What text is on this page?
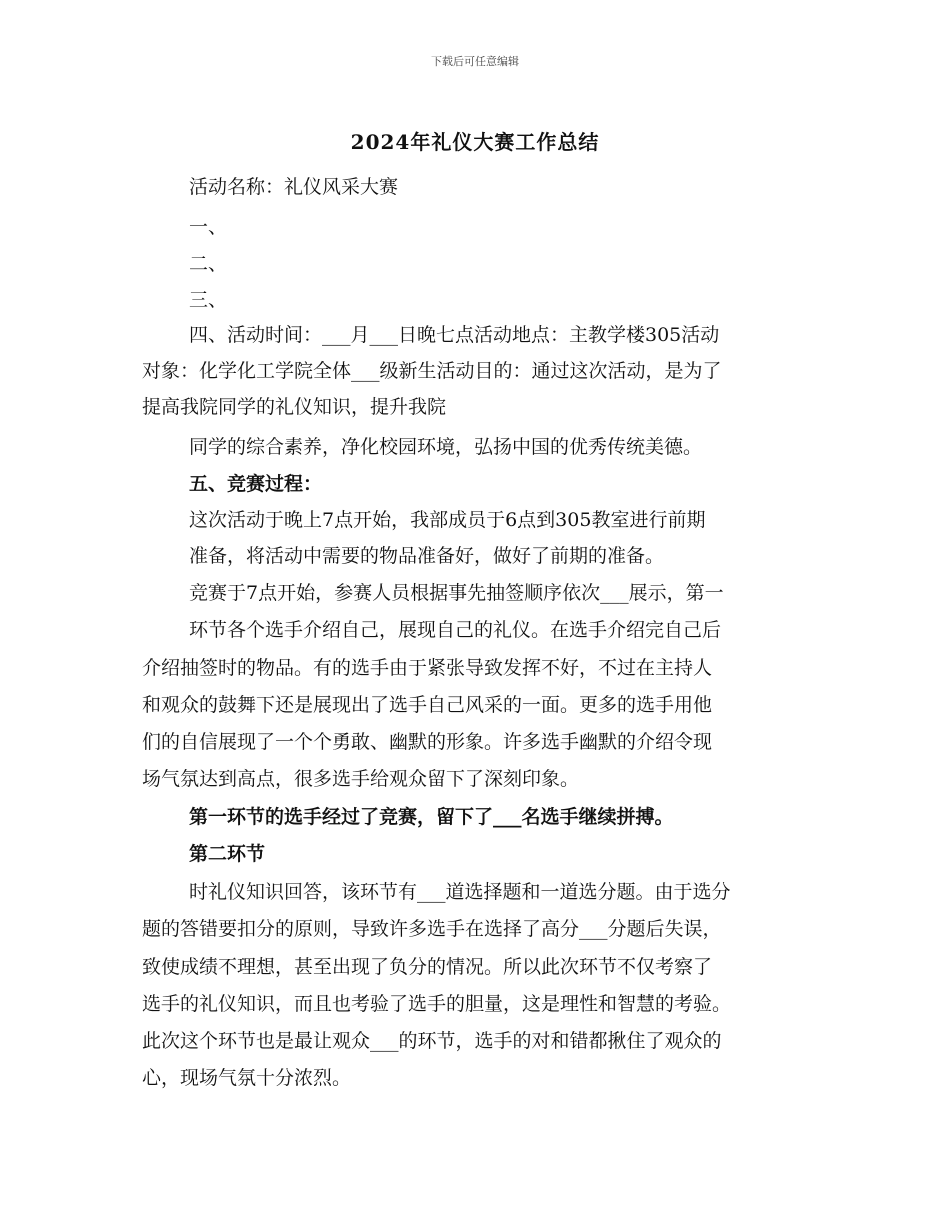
下载后可任意编辑
2024年礼仪大赛工作总结
活动名称：礼仪风采大赛
一、
二、
三、
四、活动时间：___月___日晚七点活动地点：主教学楼305活动
对象：化学化工学院全体___级新生活动目的：通过这次活动，是为了
提高我院同学的礼仪知识，提升我院
同学的综合素养，净化校园环境，弘扬中国的优秀传统美德。
五、竞赛过程：
这次活动于晚上7点开始，我部成员于6点到305教室进行前期
准备，将活动中需要的物品准备好，做好了前期的准备。
竞赛于7点开始，参赛人员根据事先抽签顺序依次___展示，第一
环节各个选手介绍自己，展现自己的礼仪。在选手介绍完自己后
介绍抽签时的物品。有的选手由于紧张导致发挥不好，不过在主持人
和观众的鼓舞下还是展现出了选手自己风采的一面。更多的选手用他
们的自信展现了一个个勇敢、幽默的形象。许多选手幽默的介绍令现
场气氛达到高点，很多选手给观众留下了深刻印象。
第一环节的选手经过了竞赛，留下了___名选手继续拼搏。
第二环节
时礼仪知识回答，该环节有___道选择题和一道选分题。由于选分
题的答错要扣分的原则，导致许多选手在选择了高分___分题后失误，
致使成绩不理想，甚至出现了负分的情况。所以此次环节不仅考察了
选手的礼仪知识，而且也考验了选手的胆量，这是理性和智慧的考验。
此次这个环节也是最让观众___的环节，选手的对和错都揪住了观众的
心，现场气氛十分浓烈。
